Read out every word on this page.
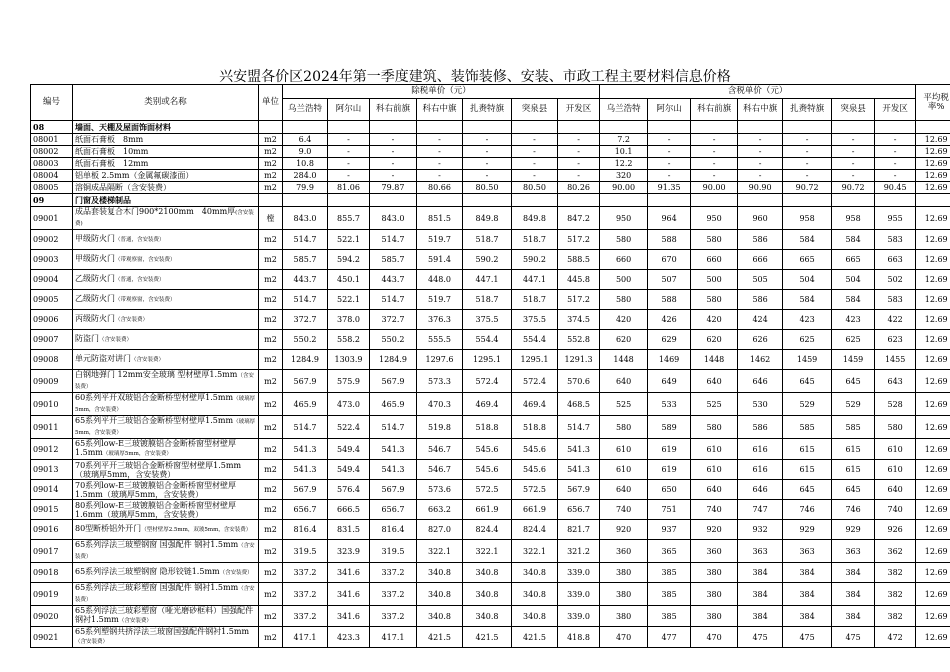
兴安盟各价区2024年第一季度建筑、装饰装修、安装、市政工程主要材料信息价格
编号	类别或名称	单位	除税单价（元）							含税单价（元）							平均税率%
			乌兰浩特	阿尔山	科右前旗	科右中旗	扎赉特旗	突泉县	开发区	乌兰浩特	阿尔山	科右前旗	科右中旗	扎赉特旗	突泉县	开发区	
08	墙面、天棚及屋面饰面材料																
08001	纸面石膏板　8mm	m2	6.4	-	-	-	-	-	-	7.2	-	-	-	-	-	-	12.69
08002	纸面石膏板　10mm	m2	9.0	-	-	-	-	-	-	10.1	-	-	-	-	-	-	12.69
08003	纸面石膏板　12mm	m2	10.8	-	-	-	-	-	-	12.2	-	-	-	-	-	-	12.69
08004	铝单板 2.5mm（金属氟碳漆面）	m2	284.0	-	-	-	-	-	-	320	-	-	-	-	-	-	12.69
08005	溶铜成品隔断（含安装费）	m2	79.9	81.06	79.87	80.66	80.50	80.50	80.26	90.00	91.35	90.00	90.90	90.72	90.72	90.45	12.69
09	门窗及楼梯制品																
09001	成品套装复合木门900*2100mm　40mm厚(含安装费)	樘	843.0	855.7	843.0	851.5	849.8	849.8	847.2	950	964	950	960	958	958	955	12.69
09002	甲级防火门（普通，含安装费）	m2	514.7	522.1	514.7	519.7	518.7	518.7	517.2	580	588	580	586	584	584	583	12.69
09003	甲级防火门（带观察窗，含安装费）	m2	585.7	594.2	585.7	591.4	590.2	590.2	588.5	660	670	660	666	665	665	663	12.69
09004	乙级防火门（普通，含安装费）	m2	443.7	450.1	443.7	448.0	447.1	447.1	445.8	500	507	500	505	504	504	502	12.69
09005	乙级防火门（带观察窗，含安装费）	m2	514.7	522.1	514.7	519.7	518.7	518.7	517.2	580	588	580	586	584	584	583	12.69
09006	丙级防火门（含安装费）	m2	372.7	378.0	372.7	376.3	375.5	375.5	374.5	420	426	420	424	423	423	422	12.69
09007	防盗门（含安装费）	m2	550.2	558.2	550.2	555.5	554.4	554.4	552.8	620	629	620	626	625	625	623	12.69
09008	单元防盗对讲门（含安装费）	m2	1284.9	1303.9	1284.9	1297.6	1295.1	1295.1	1291.3	1448	1469	1448	1462	1459	1459	1455	12.69
09009	白钢地弹门 12mm安全玻璃 型材壁厚1.5mm（含安装费）	m2	567.9	575.9	567.9	573.3	572.4	572.4	570.6	640	649	640	646	645	645	643	12.69
09010	60系列平开双玻铝合金断桥型材壁厚1.5mm（玻璃厚5mm，含安装费）	m2	465.9	473.0	465.9	470.3	469.4	469.4	468.5	525	533	525	530	529	529	528	12.69
09011	65系列平开三玻铝合金断桥型材壁厚1.5mm（玻璃厚5mm，含安装费）	m2	514.7	522.4	514.7	519.8	518.8	518.8	514.7	580	589	580	586	585	585	580	12.69
09012	65系列low-E三玻镀膜铝合金断桥窗型材壁厚1.5mm（玻璃厚5mm，含安装费）	m2	541.3	549.4	541.3	546.7	545.6	545.6	541.3	610	619	610	616	615	615	610	12.69
09013	70系列平开三玻铝合金断桥窗型材壁厚1.5mm（玻璃厚5mm，含安装费）	m2	541.3	549.4	541.3	546.7	545.6	545.6	541.3	610	619	610	616	615	615	610	12.69
09014	70系列low-E三玻镀膜铝合金断桥窗型材壁厚1.5mm（玻璃厚5mm，含安装费）	m2	567.9	576.4	567.9	573.6	572.5	572.5	567.9	640	650	640	646	645	645	640	12.69
09015	80系列low-E三玻镀膜铝合金断桥窗型材壁厚1.6mm（玻璃厚5mm，含安装费）	m2	656.7	666.5	656.7	663.2	661.9	661.9	656.7	740	751	740	747	746	746	740	12.69
09016	80型断桥铝外开门（型材壁厚2.5mm，双玻5mm，含安装费）	m2	816.4	831.5	816.4	827.0	824.4	824.4	821.7	920	937	920	932	929	929	926	12.69
09017	65系列浮法三玻塑钢窗 国强配件 钢衬1.5mm（含安装费）	m2	319.5	323.9	319.5	322.1	322.1	322.1	321.2	360	365	360	363	363	363	362	12.69
09018	65系列浮法三玻塑钢窗 隐形铰链1.5mm（含安装费）	m2	337.2	341.6	337.2	340.8	340.8	340.8	339.0	380	385	380	384	384	384	382	12.69
09019	65系列浮法三玻彩塑窗 国强配件 钢衬1.5mm（含安装费）	m2	337.2	341.6	337.2	340.8	340.8	340.8	339.0	380	385	380	384	384	384	382	12.69
09020	65系列浮法三玻彩塑窗（哑光磨砂框料）国强配件 钢衬1.5mm（含安装费）	m2	337.2	341.6	337.2	340.8	340.8	340.8	339.0	380	385	380	384	384	384	382	12.69
09021	65系列塑钢共挤浮法三玻窗国强配件钢衬1.5mm（含安装费）	m2	417.1	423.3	417.1	421.5	421.5	421.5	418.8	470	477	470	475	475	475	472	12.69
